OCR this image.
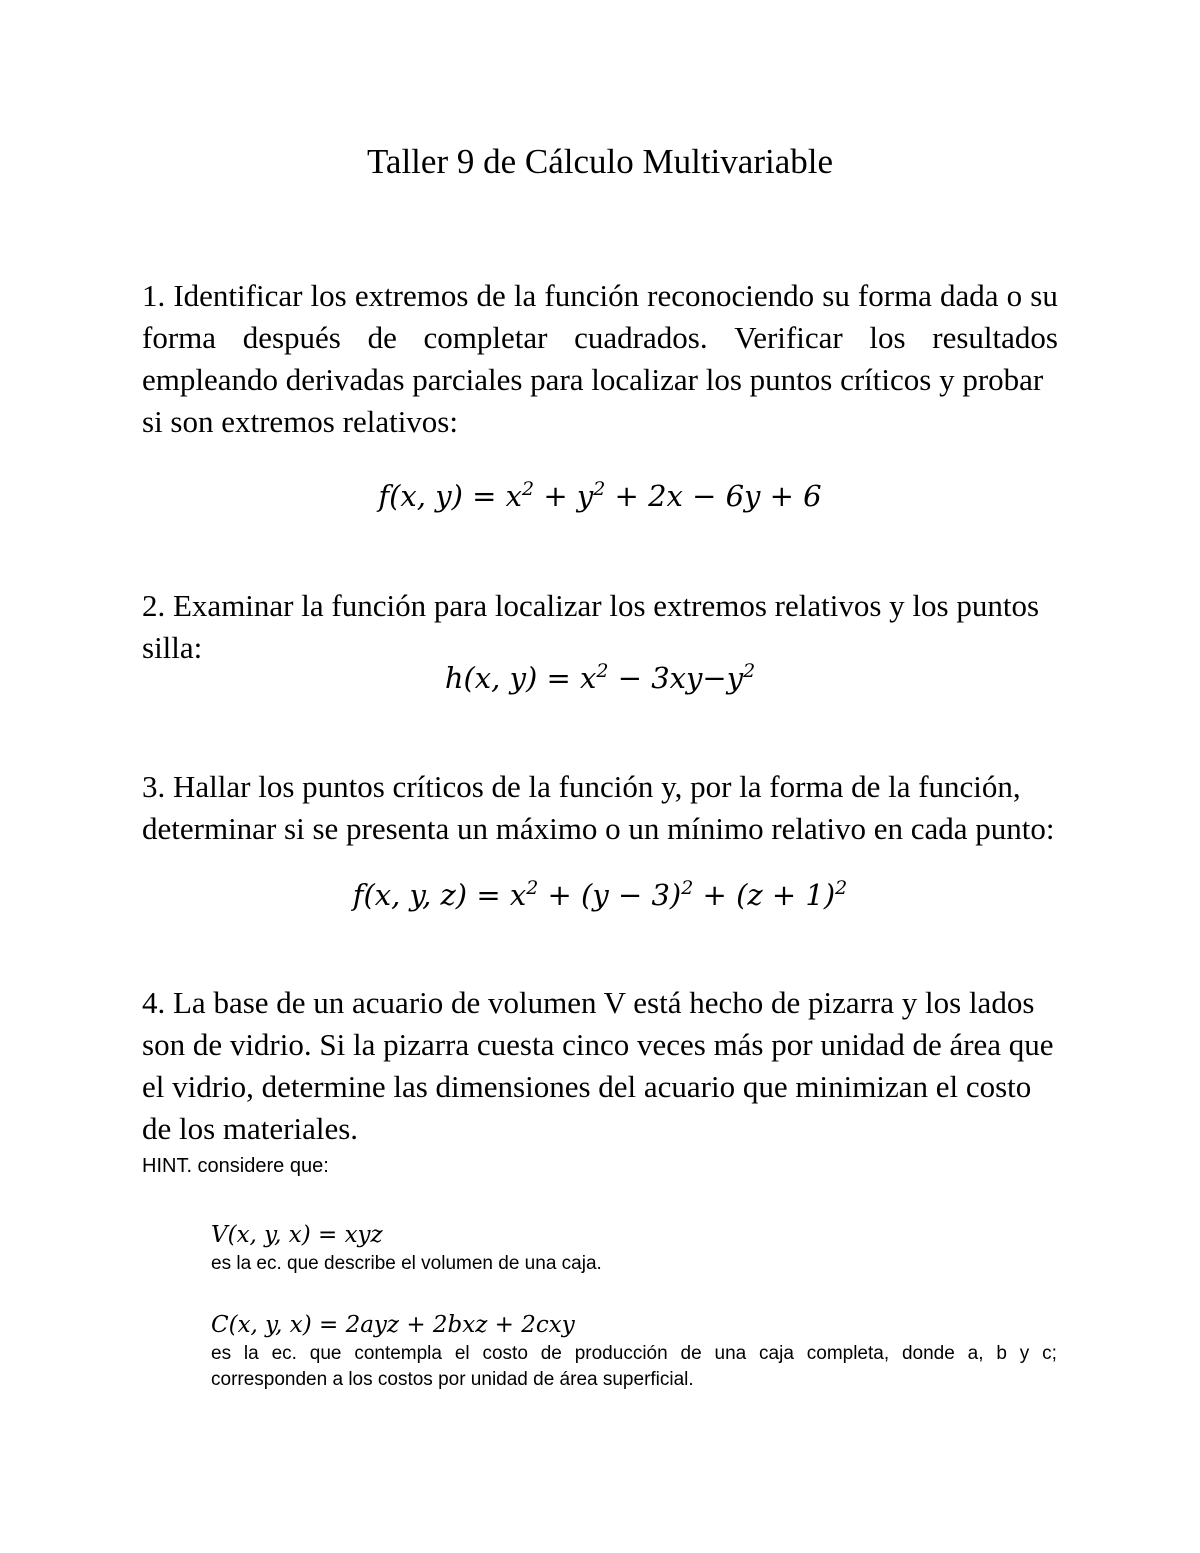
Taller 9 de Cálculo Multivariable
1. Identificar los extremos de la función reconociendo su forma dada o su
forma después de completar cuadrados. Verificar los resultados
empleando derivadas parciales para localizar los puntos críticos y probar
si son extremos relativos:
f(x, $y) = x^2 + y^2 + 2x - 6y + 6$
2. Examinar la función para localizar los extremos relativos y los puntos
silla:
h(x, $y) = x^2 - 3xy-y^2$
3. Hallar los puntos críticos de la función y, por la forma de la función,
determinar si se presenta un máximo o un mínimo relativo en cada punto:
f(x, y, $z) = x^2 + (y - 3)^2 + (z + 1)^2$
4. La base de un acuario de volumen V está hecho de pizarra y los lados
son de vidrio. Si la pizarra cuesta cinco veces más por unidad de área que
el vidrio, determine las dimensiones del acuario que minimizan el costo
de los materiales.
HINT. considere que:
V(x, y, x) = xyz
es la ec. que describe el volumen de una caja.
C(x, y, x) = 2ayz + 2bxz + 2cxy
es la ec. que contempla el costo de producción de una caja completa, donde a, b y c;
corresponden a los costos por unidad de área superficial.
